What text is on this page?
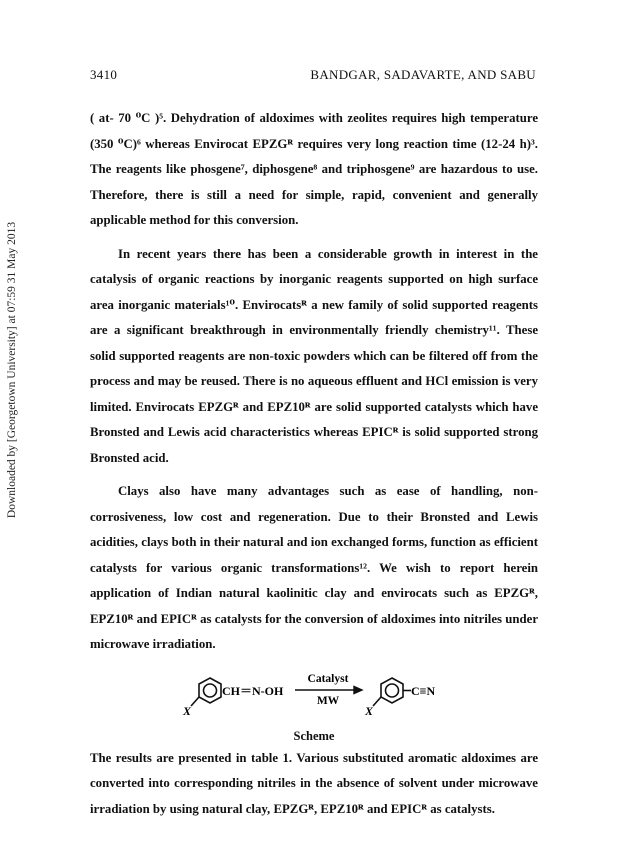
Downloaded by [Georgetown University] at 07:59 31 May 2013
3410	BANDGAR, SADAVARTE, AND SABU

( at- 70 ⁰C )⁵. Dehydration of aldoximes with zeolites requires high temperature (350 ⁰C)⁶ whereas Envirocat EPZGᴿ requires very long reaction time (12-24 h)³. The reagents like phosgene⁷, diphosgene⁸ and triphosgene⁹ are hazardous to use. Therefore, there is still a need for simple, rapid, convenient and generally applicable method for this conversion.

In recent years there has been a considerable growth in interest in the catalysis of organic reactions by inorganic reagents supported on high surface area inorganic materials¹⁰. Envirocatsᴿ a new family of solid supported reagents are a significant breakthrough in environmentally friendly chemistry¹¹. These solid supported reagents are non-toxic powders which can be filtered off from the process and may be reused. There is no aqueous effluent and HCl emission is very limited. Envirocats EPZGᴿ and EPZ10ᴿ are solid supported catalysts which have Bronsted and Lewis acid characteristics whereas EPICᴿ is solid supported strong Bronsted acid.

Clays also have many advantages such as ease of handling, non-corrosiveness, low cost and regeneration. Due to their Bronsted and Lewis acidities, clays both in their natural and ion exchanged forms, function as efficient catalysts for various organic transformations¹². We wish to report herein application of Indian natural kaolinitic clay and envirocats such as EPZGᴿ, EPZ10ᴿ and EPICᴿ as catalysts for the conversion of aldoximes into nitriles under microwave irradiation.

X
CH＝N-OH
Catalyst
MW
X
C≡N
Scheme

The results are presented in table 1. Various substituted aromatic aldoximes are converted into corresponding nitriles in the absence of solvent under microwave irradiation by using natural clay, EPZGᴿ, EPZ10ᴿ and EPICᴿ as catalysts.
